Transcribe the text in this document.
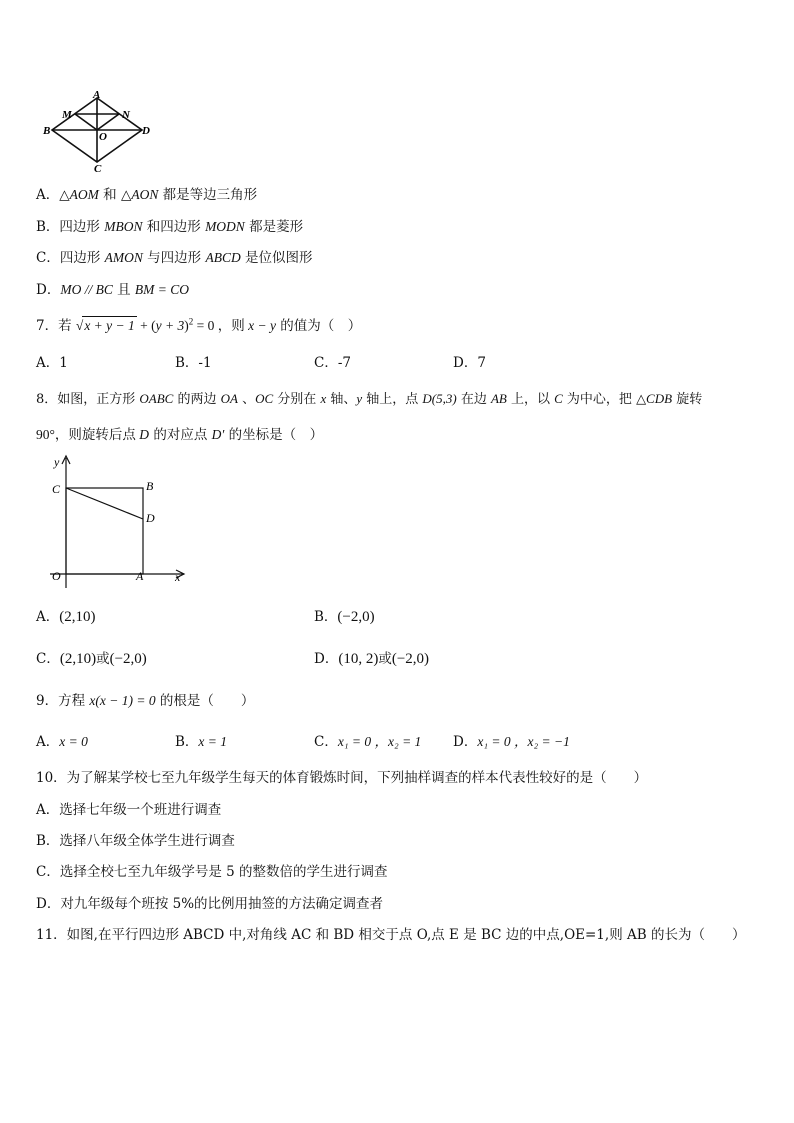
A
M	N
B	O	D
C
A．△AOM 和 △AON 都是等边三角形
B．四边形 MBON 和四边形 MODN 都是菱形
C．四边形 AMON 与四边形 ABCD 是位似图形
D．MO // BC 且 BM = CO
7．若 $√x + y - 1 + (y + 3)^2 = 0$ ，则 x − y 的值为（　）
A．1	B．-1	C．-7	D．7
8．如图，正方形 OABC 的两边 OA 、OC 分别在 x 轴、y 轴上，点 D(5,3) 在边 AB 上，以 C 为中心，把 △CDB 旋转
90°，则旋转后点 D 的对应点 D′ 的坐标是（　）
y
x
C	B
D
O	A
A．(2,10)	B．(−2,0)
C．(2,10)或(−2,0)	D．(10, 2)或(−2,0)
9．方程 x(x − 1) = 0 的根是（　　）
A．x = 0	B．x = 1	C．x₁ = 0 ，x₂ = 1 D．x₁ = 0 ，x₂ = −1
10．为了解某学校七至九年级学生每天的体育锻炼时间，下列抽样调查的样本代表性较好的是（　　）
A．选择七年级一个班进行调查
B．选择八年级全体学生进行调查
C．选择全校七至九年级学号是 5 的整数倍的学生进行调查
D．对九年级每个班按 5%的比例用抽签的方法确定调查者
11．如图,在平行四边形 ABCD 中,对角线 AC 和 BD 相交于点 O,点 E 是 BC 边的中点,OE=1,则 AB 的长为（　　）
